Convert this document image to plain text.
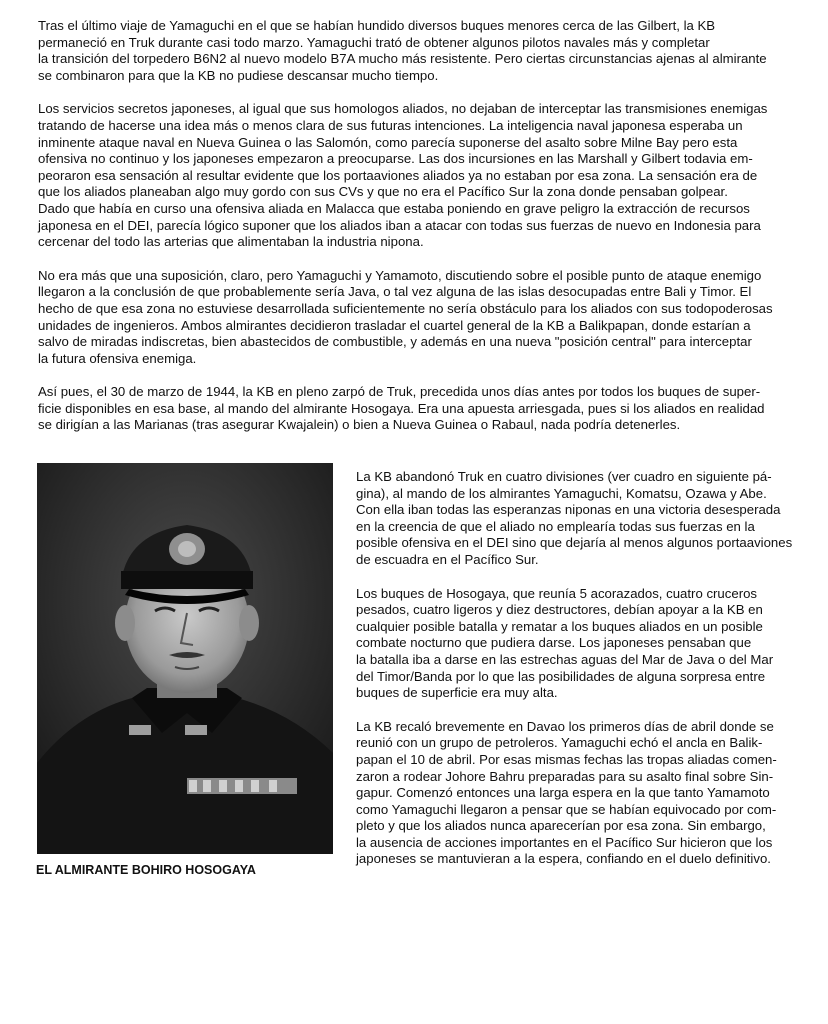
Tras el último viaje de Yamaguchi en el que se habían hundido diversos buques menores cerca de las Gilbert, la KB
permaneció en Truk durante casi todo marzo. Yamaguchi trató de obtener algunos pilotos navales más y completar
la transición del torpedero B6N2 al nuevo modelo B7A mucho más resistente. Pero ciertas circunstancias ajenas al almirante
se combinaron para que la KB no pudiese descansar mucho tiempo.

Los servicios secretos japoneses, al igual que sus homologos aliados, no dejaban de interceptar las transmisiones enemigas
tratando de hacerse una idea más o menos clara de sus futuras intenciones. La inteligencia naval japonesa esperaba un
inminente ataque naval en Nueva Guinea o las Salomón, como parecía suponerse del asalto sobre Milne Bay pero esta
ofensiva no continuo y los japoneses empezaron a preocuparse. Las dos incursiones en las Marshall y Gilbert todavia em-
peoraron esa sensación al resultar evidente que los portaaviones aliados ya no estaban por esa zona. La sensación era de
que los aliados planeaban algo muy gordo con sus CVs y que no era el Pacífico Sur la zona donde pensaban golpear.
Dado que había en curso una ofensiva aliada en Malacca que estaba poniendo en grave peligro la extracción de recursos
japonesa en el DEI, parecía lógico suponer que los aliados iban a atacar con todas sus fuerzas de nuevo en Indonesia para
cercenar del todo las arterias que alimentaban la industria nipona.

No era más que una suposición, claro, pero Yamaguchi y Yamamoto, discutiendo sobre el posible punto de ataque enemigo
llegaron a la conclusión de que probablemente sería Java, o tal vez alguna de las islas desocupadas entre Bali y Timor. El
hecho de que esa zona no estuviese desarrollada suficientemente no sería obstáculo para los aliados con sus todopoderosas
unidades de ingenieros. Ambos almirantes decidieron trasladar el cuartel general de la KB a Balikpapan, donde estarían a
salvo de miradas indiscretas, bien abastecidos de combustible, y además en una nueva "posición central" para interceptar
la futura ofensiva enemiga.

Así pues, el 30 de marzo de 1944, la KB en pleno zarpó de Truk, precedida unos días antes por todos los buques de super-
ficie disponibles en esa base, al mando del almirante Hosogaya. Era una apuesta arriesgada, pues si los aliados en realidad
se dirigían a las Marianas (tras asegurar Kwajalein) o bien a Nueva Guinea o Rabaul, nada podría detenerles.

EL ALMIRANTE BOHIRO HOSOGAYA

La KB abandonó Truk en cuatro divisiones (ver cuadro en siguiente pá-
gina), al mando de los almirantes Yamaguchi, Komatsu, Ozawa y Abe.
Con ella iban todas las esperanzas niponas en una victoria desesperada
en la creencia de que el aliado no emplearía todas sus fuerzas en la
posible ofensiva en el DEI sino que dejaría al menos algunos portaaviones
de escuadra en el Pacífico Sur.

Los buques de Hosogaya, que reunía 5 acorazados, cuatro cruceros
pesados, cuatro ligeros y diez destructores, debían apoyar a la KB en
cualquier posible batalla y rematar a los buques aliados en un posible
combate nocturno que pudiera darse. Los japoneses pensaban que
la batalla iba a darse en las estrechas aguas del Mar de Java o del Mar
del Timor/Banda por lo que las posibilidades de alguna sorpresa entre
buques de superficie era muy alta.

La KB recaló brevemente en Davao los primeros días de abril donde se
reunió con un grupo de petroleros. Yamaguchi echó el ancla en Balik-
papan el 10 de abril. Por esas mismas fechas las tropas aliadas comen-
zaron a rodear Johore Bahru preparadas para su asalto final sobre Sin-
gapur. Comenzó entonces una larga espera en la que tanto Yamamoto
como Yamaguchi llegaron a pensar que se habían equivocado por com-
pleto y que los aliados nunca aparecerían por esa zona. Sin embargo,
la ausencia de acciones importantes en el Pacífico Sur hicieron que los
japoneses se mantuvieran a la espera, confiando en el duelo definitivo.
